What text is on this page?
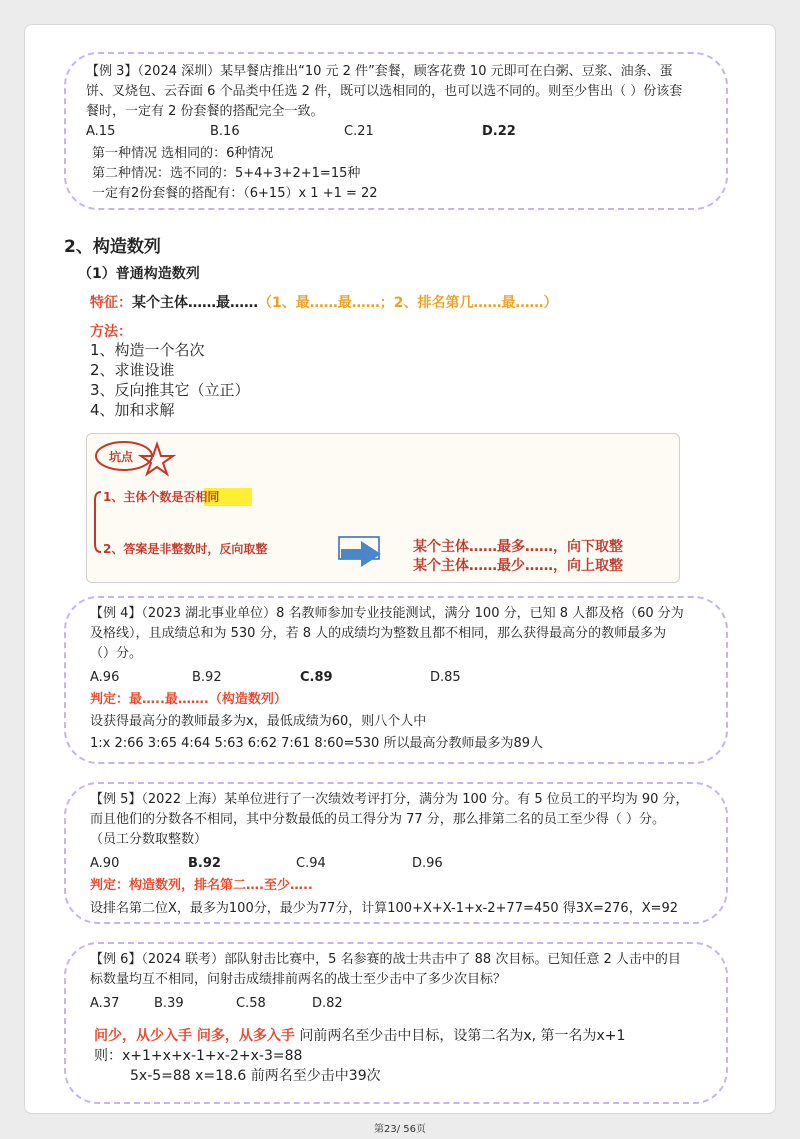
【例 3】（2024 深圳）某早餐店推出“10 元 2 件”套餐，顾客花费 10 元即可在白粥、豆浆、油条、蛋

饼、叉烧包、云吞面 6 个品类中任选 2 件，既可以选相同的，也可以选不同的。则至少售出（ ）份该套

餐时，一定有 2 份套餐的搭配完全一致。

A.15	B.16	C.21	D.22

第一种情况 选相同的：6种情况

第二种情况：选不同的：5+4+3+2+1=15种

一定有2份套餐的搭配有：（6+15）x 1 +1 = 22

2、构造数列
（1）普通构造数列
特征：某个主体……最……（1、最……最……；2、排名第几……最……）
方法：
1、构造一个名次
2、求谁设谁
3、反向推其它（立正）
4、加和求解
坑点
1、主体个数是否相同
2、答案是非整数时，反向取整	某个主体……最多……，向下取整
某个主体……最少……，向上取整

【例 4】（2023 湖北事业单位）8 名教师参加专业技能测试，满分 100 分，已知 8 人都及格（60 分为

及格线），且成绩总和为 530 分，若 8 人的成绩均为整数且都不相同，那么获得最高分的教师最多为

（）分。

A.96	B.92	C.89	D.85

判定：最…..最…….（构造数列）

设获得最高分的教师最多为x，最低成绩为60，则八个人中

1:x 2:66 3:65 4:64 5:63 6:62 7:61 8:60=530 所以最高分教师最多为89人

【例 5】（2022 上海）某单位进行了一次绩效考评打分，满分为 100 分。有 5 位员工的平均为 90 分，

而且他们的分数各不相同，其中分数最低的员工得分为 77 分，那么排第二名的员工至少得（ ）分。

（员工分数取整数）

A.90	B.92	C.94	D.96

判定：构造数列，排名第二….至少…..

设排名第二位X，最多为100分，最少为77分，计算100+X+X-1+x-2+77=450 得3X=276，X=92

【例 6】（2024 联考）部队射击比赛中，5 名参赛的战士共击中了 88 次目标。已知任意 2 人击中的目

标数量均互不相同，问射击成绩排前两名的战士至少击中了多少次目标？

A.37	B.39	C.58	D.82

问少，从少入手 问多，从多入手 问前两名至少击中目标，设第二名为x, 第一名为x+1

则：x+1+x+x-1+x-2+x-3=88

5x-5=88 x=18.6 前两名至少击中39次

第23/ 56页
